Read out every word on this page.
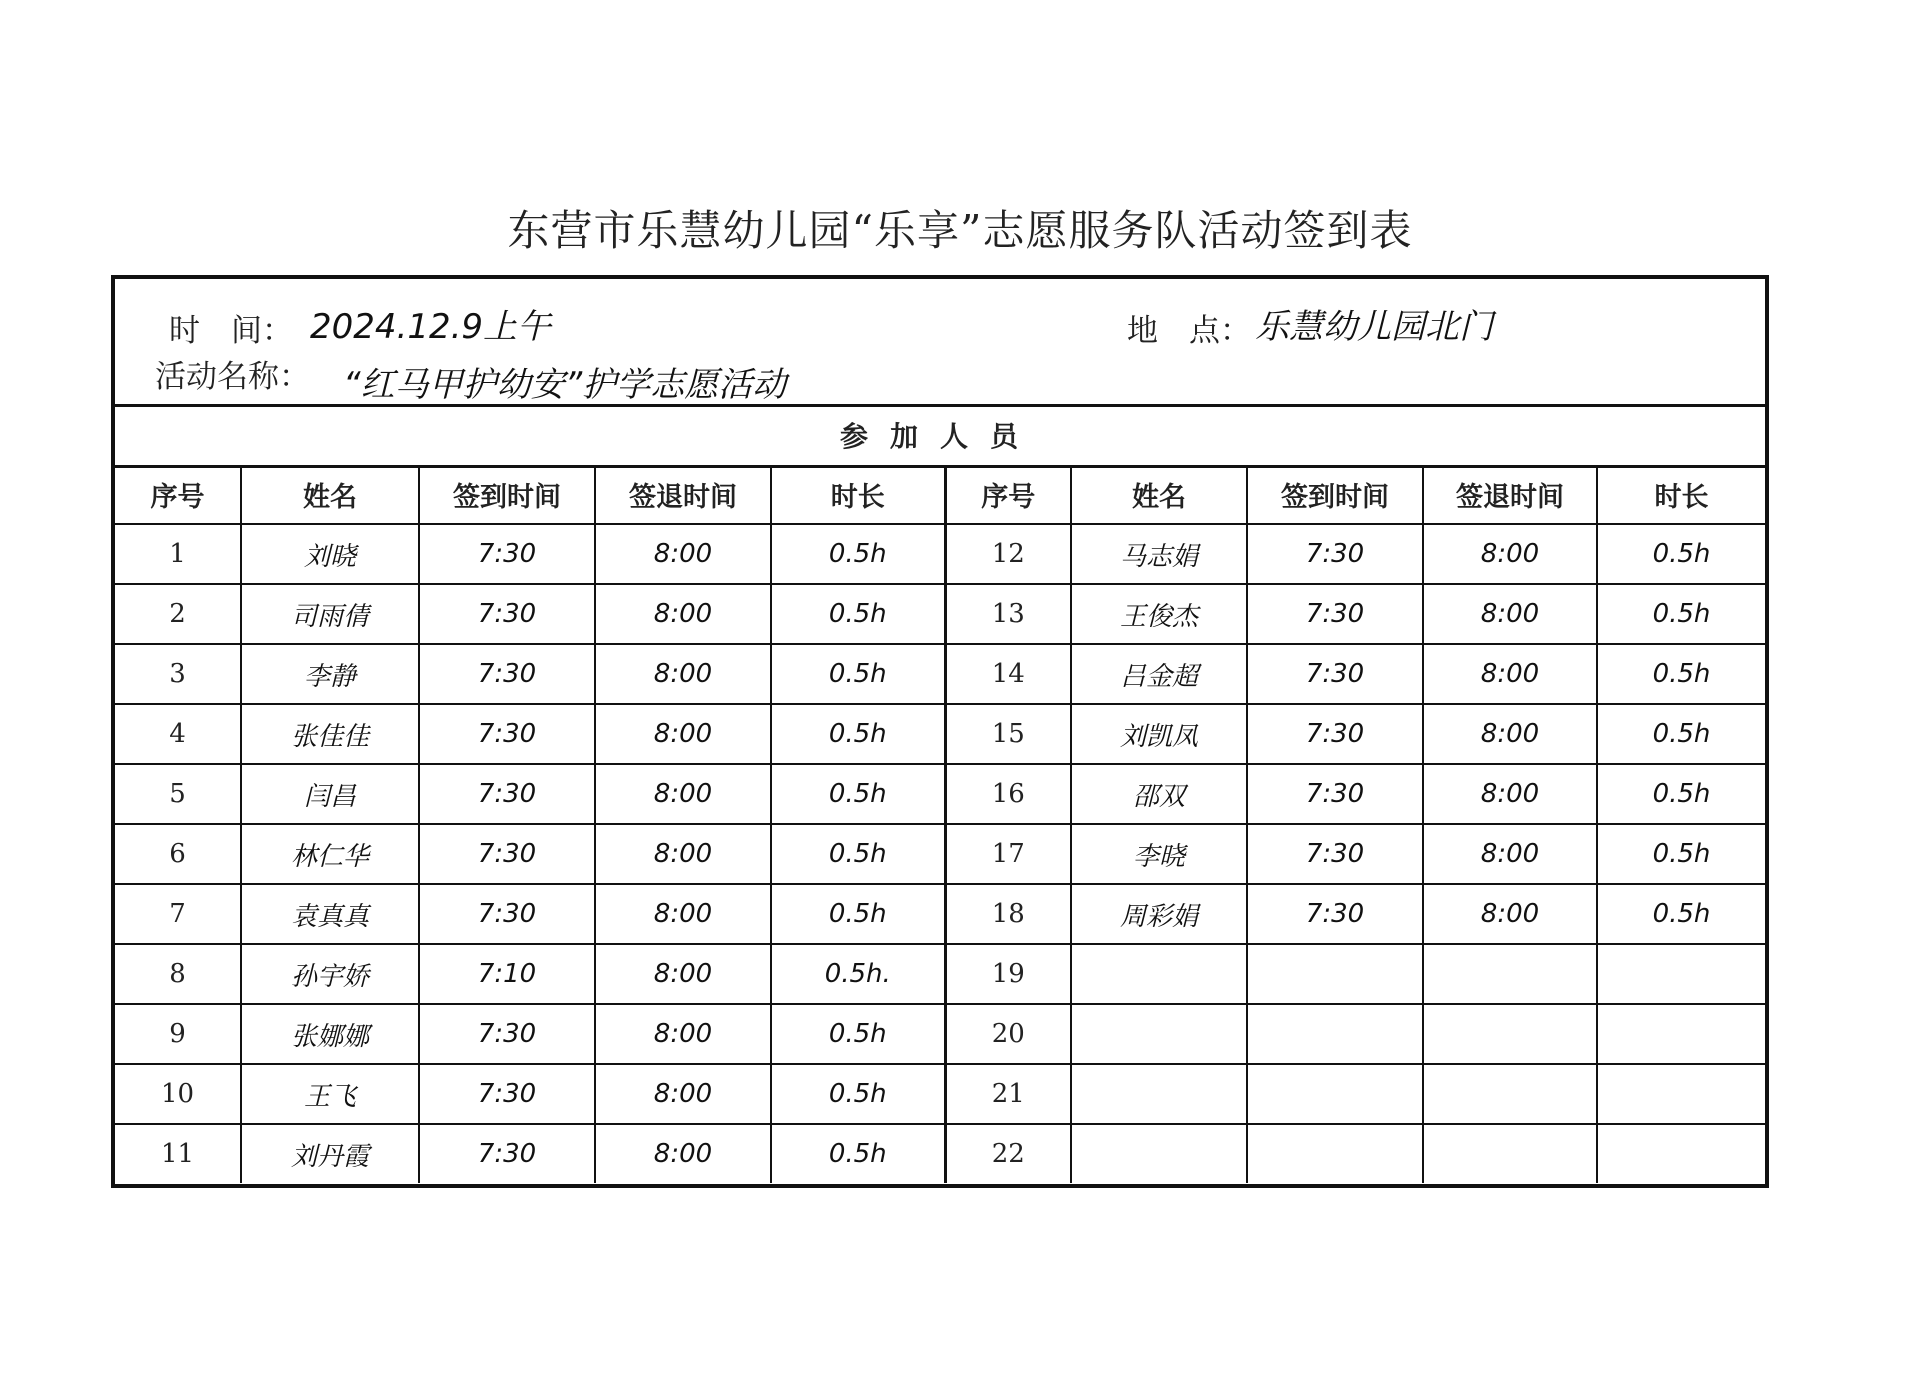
东营市乐慧幼儿园“乐享”志愿服务队活动签到表
时　间： 2024.12.9上午	地　点： 乐慧幼儿园北门
活动名称： “红马甲护幼安”护学志愿活动
参加人员
序号	姓名	签到时间	签退时间	时长	序号	姓名	签到时间	签退时间	时长
1	刘晓	7:30	8:00	0.5h	12	马志娟	7:30	8:00	0.5h
2	司雨倩	7:30	8:00	0.5h	13	王俊杰	7:30	8:00	0.5h
3	李静	7:30	8:00	0.5h	14	吕金超	7:30	8:00	0.5h
4	张佳佳	7:30	8:00	0.5h	15	刘凯凤	7:30	8:00	0.5h
5	闫昌	7:30	8:00	0.5h	16	邵双	7:30	8:00	0.5h
6	林仁华	7:30	8:00	0.5h	17	李晓	7:30	8:00	0.5h
7	袁真真	7:30	8:00	0.5h	18	周彩娟	7:30	8:00	0.5h
8	孙宇娇	7:10	8:00	0.5h.	19				
9	张娜娜	7:30	8:00	0.5h	20				
10	王飞	7:30	8:00	0.5h	21				
11	刘丹霞	7:30	8:00	0.5h	22				
